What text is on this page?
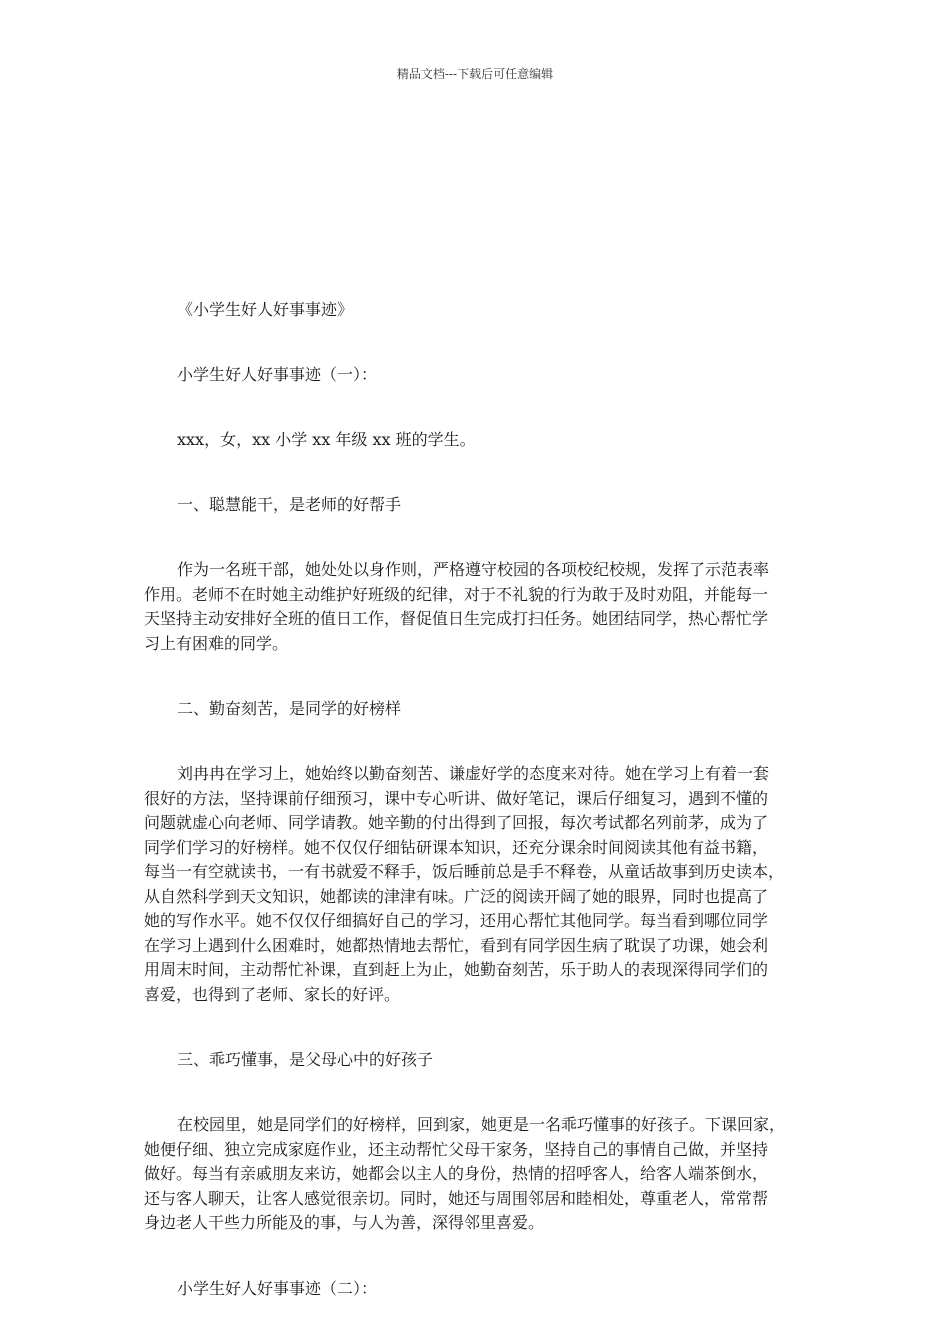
精品文档---下载后可任意编辑
《小学生好人好事事迹》
小学生好人好事事迹（一）：
xxx，女，xx 小学 xx 年级 xx 班的学生。
一、聪慧能干，是老师的好帮手
作为一名班干部，她处处以身作则，严格遵守校园的各项校纪校规，发挥了示范表率
作用。老师不在时她主动维护好班级的纪律，对于不礼貌的行为敢于及时劝阻，并能每一
天坚持主动安排好全班的值日工作，督促值日生完成打扫任务。她团结同学，热心帮忙学
习上有困难的同学。
二、勤奋刻苦，是同学的好榜样
刘冉冉在学习上，她始终以勤奋刻苦、谦虚好学的态度来对待。她在学习上有着一套
很好的方法，坚持课前仔细预习，课中专心听讲、做好笔记，课后仔细复习，遇到不懂的
问题就虚心向老师、同学请教。她辛勤的付出得到了回报，每次考试都名列前茅，成为了
同学们学习的好榜样。她不仅仅仔细钻研课本知识，还充分课余时间阅读其他有益书籍，
每当一有空就读书，一有书就爱不释手，饭后睡前总是手不释卷，从童话故事到历史读本，
从自然科学到天文知识，她都读的津津有味。广泛的阅读开阔了她的眼界，同时也提高了
她的写作水平。她不仅仅仔细搞好自己的学习，还用心帮忙其他同学。每当看到哪位同学
在学习上遇到什么困难时，她都热情地去帮忙，看到有同学因生病了耽误了功课，她会利
用周末时间，主动帮忙补课，直到赶上为止，她勤奋刻苦，乐于助人的表现深得同学们的
喜爱，也得到了老师、家长的好评。
三、乖巧懂事，是父母心中的好孩子
在校园里，她是同学们的好榜样，回到家，她更是一名乖巧懂事的好孩子。下课回家，
她便仔细、独立完成家庭作业，还主动帮忙父母干家务，坚持自己的事情自己做，并坚持
做好。每当有亲戚朋友来访，她都会以主人的身份，热情的招呼客人，给客人端茶倒水，
还与客人聊天，让客人感觉很亲切。同时，她还与周围邻居和睦相处，尊重老人，常常帮
身边老人干些力所能及的事，与人为善，深得邻里喜爱。
小学生好人好事事迹（二）：
